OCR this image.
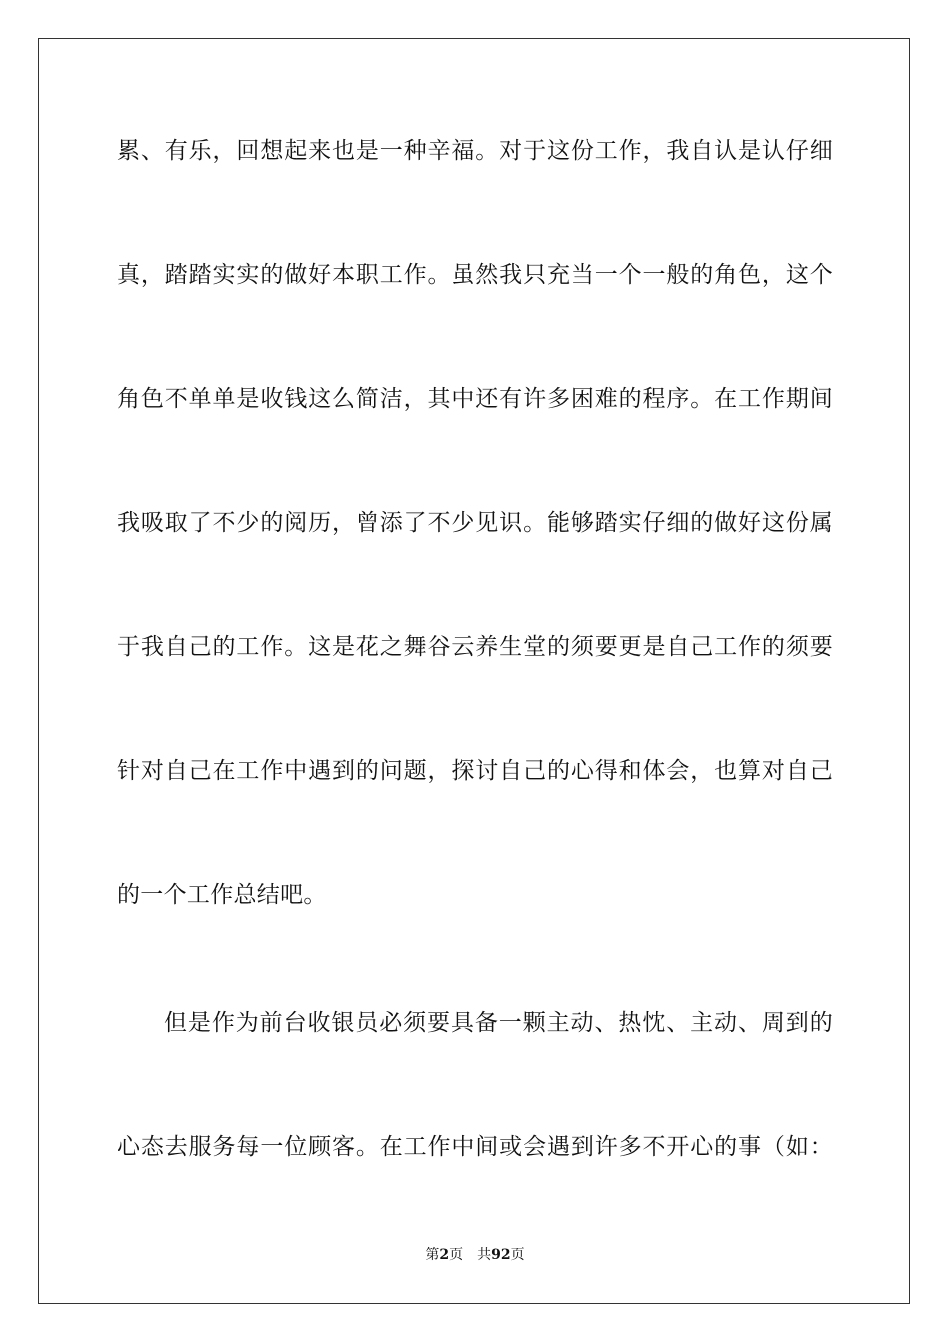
累、有乐，回想起来也是一种辛福。对于这份工作，我自认是认仔细
真，踏踏实实的做好本职工作。虽然我只充当一个一般的角色，这个
角色不单单是收钱这么简洁，其中还有许多困难的程序。在工作期间
我吸取了不少的阅历，曾添了不少见识。能够踏实仔细的做好这份属
于我自己的工作。这是花之舞谷云养生堂的须要更是自己工作的须要
针对自己在工作中遇到的问题，探讨自己的心得和体会，也算对自己
的一个工作总结吧。
但是作为前台收银员必须要具备一颗主动、热忱、主动、周到的
心态去服务每一位顾客。在工作中间或会遇到许多不开心的事（如：
第2页 共92页
